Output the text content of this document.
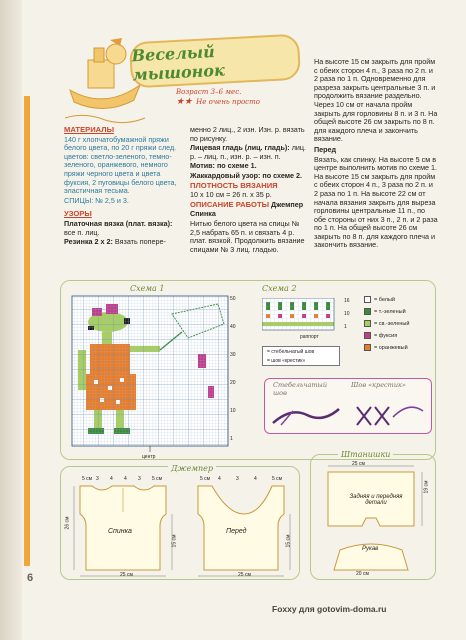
6
Веселый мышонок
Возраст 3–6 мес.
★★ Не очень просто

МАТЕРИАЛЫ

140 г хлопчатобумажной пряжи белого цвета, по 20 г пряжи след. цветов: светло-зеленого, темно-зеленого, оранжевого, немного пряжи черного цвета и цвета фуксия, 2 пуговицы белого цвета, эластичная тесьма.

СПИЦЫ: № 2,5 и 3.

УЗОРЫ

Платочная вязка (плат. вязка): все п. лиц.

Резинка 2 х 2: Вязать попере-

менно 2 лиц., 2 изн. Изн. р. вязать по рисунку.

Лицевая гладь (лиц. гладь): лиц. р. – лиц. п., изн. р. – изн. п.

Мотив: по схеме 1.

Жаккардовый узор: по схеме 2.

ПЛОТНОСТЬ ВЯЗАНИЯ

10 х 10 см = 26 п. х 35 р.

ОПИСАНИЕ РАБОТЫ Джемпер

Спинка

Нитью белого цвета на спицы № 2,5 набрать 65 п. и связать 4 р. плат. вязкой. Продолжить вязание спицами № 3 лиц. гладью.

На высоте 15 см закрыть для пройм с обеих сторон 4 п., 3 раза по 2 п. и 2 раза по 1 п. Одновременно для разреза закрыть центральные 3 п. и продолжить вязание раздельно. Через 10 см от начала пройм закрыть для горловины 8 п. и 3 п. На общей высоте 26 см закрыть по 8 п. для каждого плеча и закончить вязание.

Перед

Вязать, как спинку. На высоте 5 см в центре выполнить мотив по схеме 1. На высоте 15 см закрыть для пройм с обеих сторон 4 п., 3 раза по 2 п. и 2 раза по 1 п. На высоте 22 см от начала вязания закрыть для выреза горловины центральные 11 п., по обе стороны от них 3 п., 2 п. и 2 раза по 1 п. На общей высоте 26 см закрыть по 8 п. для каждого плеча и закончить вязание.

Схема 1	Схема 2
центр
50
40
30
20
10
1
раппорт
16
10
1
= стебельчатый шов
= шов «крестик»
= белый
= т.-зеленый
= св.-зеленый
= фуксия
= оранжевый
Стебельчатый шов
Шов «крестик»
Джемпер
Штанишки
Спинка
25 см
5 см 3 4 4 3 5 см
26 см
15 см
Перед
25 см
5 см 4	3	4	5 см
15 см
Задняя и передняя детали
Рукав
25 см
19 см
20 см
Foxxy для gotovim-doma.ru
